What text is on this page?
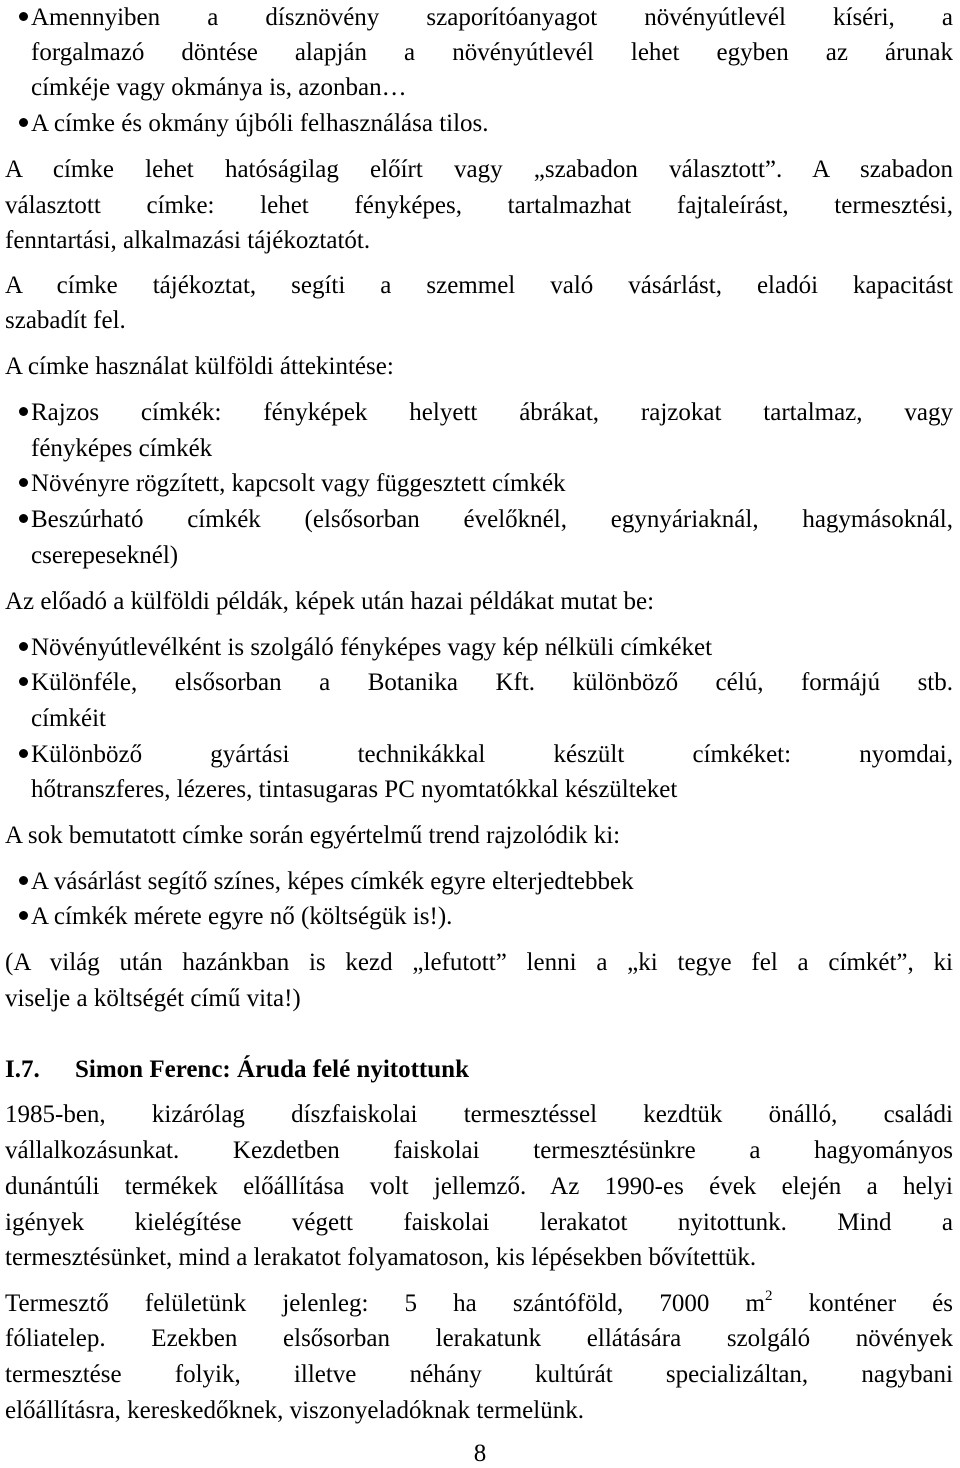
Amennyiben a dísznövény szaporítóanyagot növényútlevél kíséri, a
forgalmazó döntése alapján a növényútlevél lehet egyben az árunak
címkéje vagy okmánya is, azonban…
A címke és okmány újbóli felhasználása tilos.
A címke lehet hatóságilag előírt vagy „szabadon választott”. A szabadon
választott címke: lehet fényképes, tartalmazhat fajtaleírást, termesztési,
fenntartási, alkalmazási tájékoztatót.
A címke tájékoztat, segíti a szemmel való vásárlást, eladói kapacitást
szabadít fel.
A címke használat külföldi áttekintése:
Rajzos címkék: fényképek helyett ábrákat, rajzokat tartalmaz, vagy
fényképes címkék
Növényre rögzített, kapcsolt vagy függesztett címkék
Beszúrható címkék (elsősorban évelőknél, egynyáriaknál, hagymásoknál,
cserepeseknél)
Az előadó a külföldi példák, képek után hazai példákat mutat be:
Növényútlevélként is szolgáló fényképes vagy kép nélküli címkéket
Különféle, elsősorban a Botanika Kft. különböző célú, formájú stb.
címkéit
Különböző gyártási technikákkal készült címkéket: nyomdai,
hőtranszferes, lézeres, tintasugaras PC nyomtatókkal készülteket
A sok bemutatott címke során egyértelmű trend rajzolódik ki:
A vásárlást segítő színes, képes címkék egyre elterjedtebbek
A címkék mérete egyre nő (költségük is!).
(A világ után hazánkban is kezd „lefutott” lenni a „ki tegye fel a címkét”, ki
viselje a költségét című vita!)
I.7. Simon Ferenc: Áruda felé nyitottunk
1985-ben, kizárólag díszfaiskolai termesztéssel kezdtük önálló, családi
vállalkozásunkat. Kezdetben faiskolai termesztésünkre a hagyományos
dunántúli termékek előállítása volt jellemző. Az 1990-es évek elején a helyi
igények kielégítése végett faiskolai lerakatot nyitottunk. Mind a
termesztésünket, mind a lerakatot folyamatoson, kis lépésekben bővítettük.
Termesztő felületünk jelenleg: 5 ha szántóföld, 7000 $m^2$ konténer és
fóliatelep. Ezekben elsősorban lerakatunk ellátására szolgáló növények
termesztése folyik, illetve néhány kultúrát specializáltan, nagybani
előállításra, kereskedőknek, viszonyeladóknak termelünk.
8
